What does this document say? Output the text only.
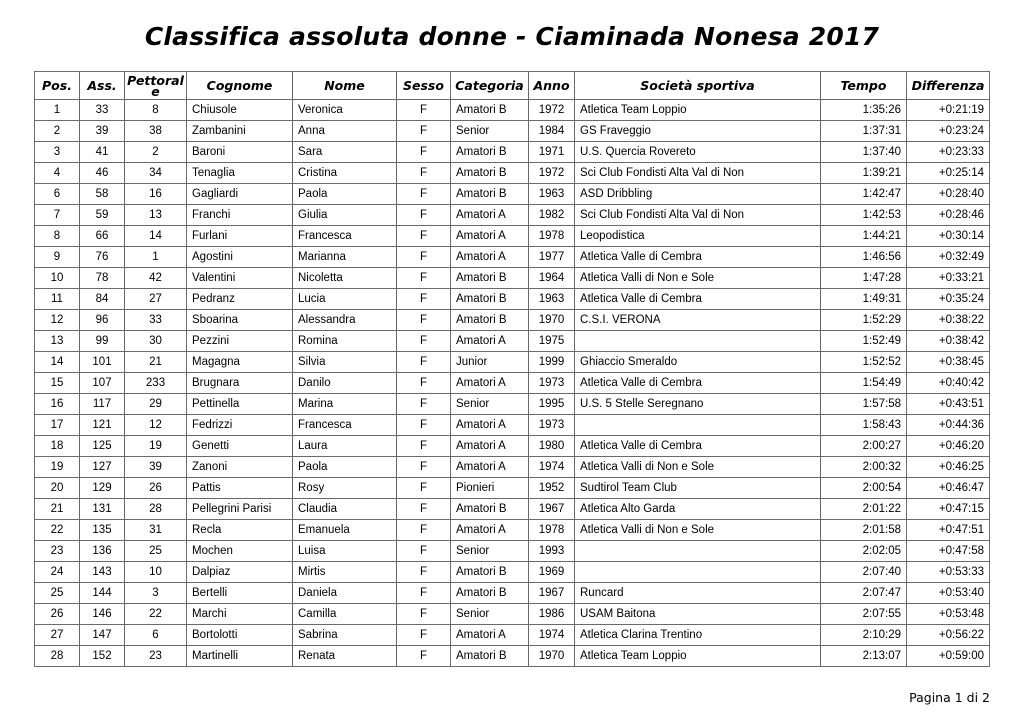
Classifica assoluta donne - Ciaminada Nonesa 2017
Pos.	Ass.	Pettorale	Cognome	Nome	Sesso	Categoria	Anno	Società sportiva	Tempo	Differenza
1	33	8	Chiusole	Veronica	F	Amatori B	1972	Atletica Team Loppio	1:35:26	+0:21:19
2	39	38	Zambanini	Anna	F	Senior	1984	GS Fraveggio	1:37:31	+0:23:24
3	41	2	Baroni	Sara	F	Amatori B	1971	U.S. Quercia Rovereto	1:37:40	+0:23:33
4	46	34	Tenaglia	Cristina	F	Amatori B	1972	Sci Club Fondisti Alta Val di Non	1:39:21	+0:25:14
6	58	16	Gagliardi	Paola	F	Amatori B	1963	ASD Dribbling	1:42:47	+0:28:40
7	59	13	Franchi	Giulia	F	Amatori A	1982	Sci Club Fondisti Alta Val di Non	1:42:53	+0:28:46
8	66	14	Furlani	Francesca	F	Amatori A	1978	Leopodistica	1:44:21	+0:30:14
9	76	1	Agostini	Marianna	F	Amatori A	1977	Atletica Valle di Cembra	1:46:56	+0:32:49
10	78	42	Valentini	Nicoletta	F	Amatori B	1964	Atletica Valli di Non e Sole	1:47:28	+0:33:21
11	84	27	Pedranz	Lucia	F	Amatori B	1963	Atletica Valle di Cembra	1:49:31	+0:35:24
12	96	33	Sboarina	Alessandra	F	Amatori B	1970	C.S.I. VERONA	1:52:29	+0:38:22
13	99	30	Pezzini	Romina	F	Amatori A	1975		1:52:49	+0:38:42
14	101	21	Magagna	Silvia	F	Junior	1999	Ghiaccio Smeraldo	1:52:52	+0:38:45
15	107	233	Brugnara	Danilo	F	Amatori A	1973	Atletica Valle di Cembra	1:54:49	+0:40:42
16	117	29	Pettinella	Marina	F	Senior	1995	U.S. 5 Stelle Seregnano	1:57:58	+0:43:51
17	121	12	Fedrizzi	Francesca	F	Amatori A	1973		1:58:43	+0:44:36
18	125	19	Genetti	Laura	F	Amatori A	1980	Atletica Valle di Cembra	2:00:27	+0:46:20
19	127	39	Zanoni	Paola	F	Amatori A	1974	Atletica Valli di Non e Sole	2:00:32	+0:46:25
20	129	26	Pattis	Rosy	F	Pionieri	1952	Sudtirol Team Club	2:00:54	+0:46:47
21	131	28	Pellegrini Parisi	Claudia	F	Amatori B	1967	Atletica Alto Garda	2:01:22	+0:47:15
22	135	31	Recla	Emanuela	F	Amatori A	1978	Atletica Valli di Non e Sole	2:01:58	+0:47:51
23	136	25	Mochen	Luisa	F	Senior	1993		2:02:05	+0:47:58
24	143	10	Dalpiaz	Mirtis	F	Amatori B	1969		2:07:40	+0:53:33
25	144	3	Bertelli	Daniela	F	Amatori B	1967	Runcard	2:07:47	+0:53:40
26	146	22	Marchi	Camilla	F	Senior	1986	USAM Baitona	2:07:55	+0:53:48
27	147	6	Bortolotti	Sabrina	F	Amatori A	1974	Atletica Clarina Trentino	2:10:29	+0:56:22
28	152	23	Martinelli	Renata	F	Amatori B	1970	Atletica Team Loppio	2:13:07	+0:59:00
Pagina 1 di 2
